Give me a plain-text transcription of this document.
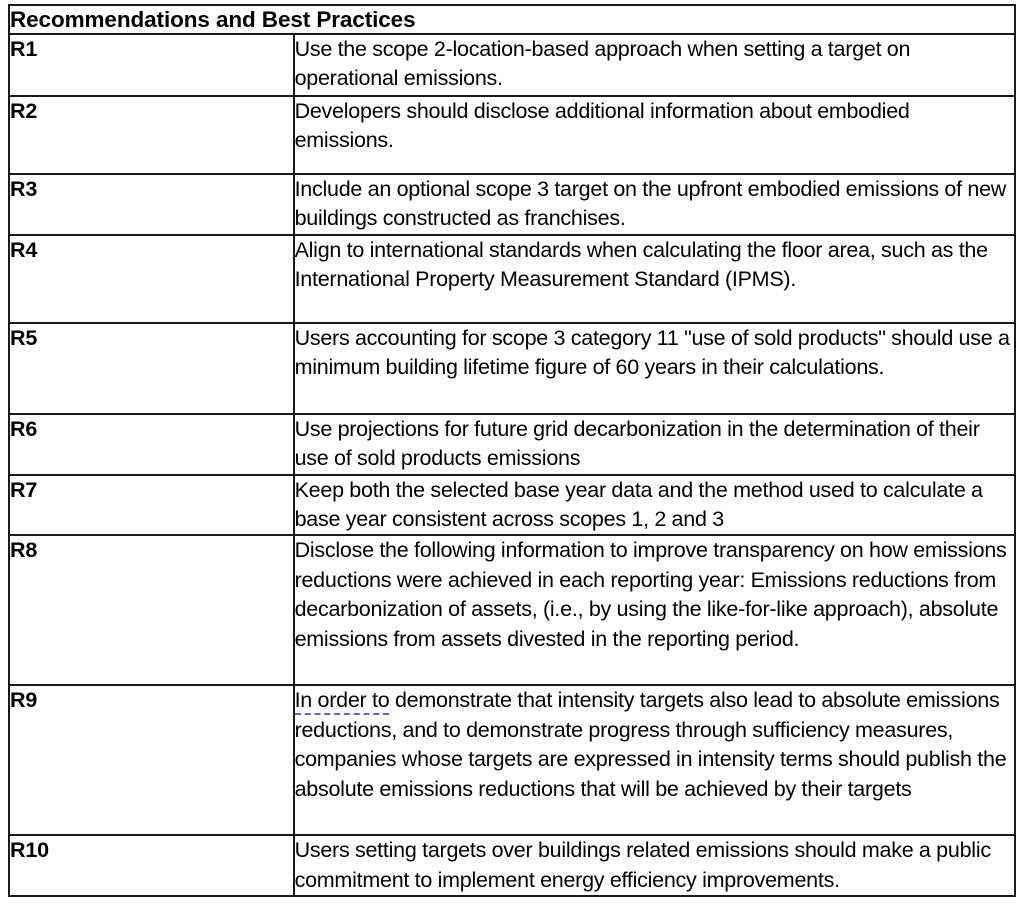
Recommendations and Best Practices	
R1	Use the scope 2-location-based approach when setting a target on operational emissions.
R2	Developers should disclose additional information about embodied emissions.
R3	Include an optional scope 3 target on the upfront embodied emissions of new buildings constructed as franchises.
R4	Align to international standards when calculating the floor area, such as the International Property Measurement Standard (IPMS).
R5	Users accounting for scope 3 category 11 "use of sold products" should use a minimum building lifetime figure of 60 years in their calculations.
R6	Use projections for future grid decarbonization in the determination of their use of sold products emissions
R7	Keep both the selected base year data and the method used to calculate a base year consistent across scopes 1, 2 and 3
R8	Disclose the following information to improve transparency on how emissions reductions were achieved in each reporting year: Emissions reductions from decarbonization of assets, (i.e., by using the like-for-like approach), absolute emissions from assets divested in the reporting period.
R9	In order to demonstrate that intensity targets also lead to absolute emissions reductions, and to demonstrate progress through sufficiency measures, companies whose targets are expressed in intensity terms should publish the absolute emissions reductions that will be achieved by their targets

R10	Users setting targets over buildings related emissions should make a public commitment to implement energy efficiency improvements.
